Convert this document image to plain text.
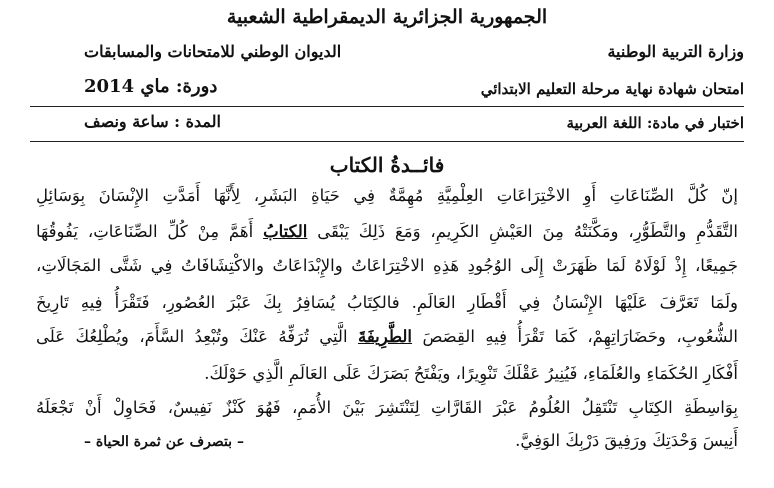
الجمهورية الجزائرية الديمقراطية الشعبية
وزارة التربية الوطنية
الديوان الوطني للامتحانات والمسابقات
امتحان شهادة نهاية مرحلة التعليم الابتدائي
دورة: ماي 2014
اختبار في مادة: اللغة العربية
المدة : ساعة ونصف
فائــدةُ الكتاب
إنّ كُلَّ الصِّنَاعَاتِ أَوِ الاخْتِرَاعَاتِ العِلْمِيَّةِ مُهِمَّةٌ فِي حَيَاةِ البَشَرِ، لِأَنَّهَا أَمَدَّتِ الإِنْسَانَ بِوَسَائِلِ
التَّقَدُّمِ والتَّطَوُّرِ، ومَكَّنَتْهُ مِنَ العَيْشِ الكَرِيمِ، وَمَعَ ذَلِكَ يَبْقَى الكتابُ أَهَمَّ مِنْ كُلِّ الصِّنَاعَاتِ، يَفُوقُهَا
جَمِيعًا، إِذْ لَوْلَاهُ لَمَا ظَهَرَتْ إِلَى الوُجُودِ هَذِهِ الاخْتِرَاعَاتُ والإِبْدَاعَاتُ والاكْتِشَافَاتُ فِي شَتَّى المَجَالَاتِ،
ولَمَا تَعَرَّفَ عَلَيْهَا الإِنْسَانُ فِي أَقْطَارِ العَالَمِ. فالكِتَابُ يُسَافِرُ بِكَ عَبْرَ العُصُورِ، فَتَقْرَأُ فِيهِ تَارِيخَ
الشُّعُوبِ، وحَضَارَاتِهِمْ، كَمَا تَقْرَأُ فِيهِ القِصَصَ الطَّرِيفَةَ الَّتِي تُرَفِّهُ عَنْكَ وتُبْعِدُ السَّأَمَ، ويُطْلِعُكَ عَلَى
أَفْكَارِ الحُكَمَاءِ والعُلَمَاءِ، فَيُنِيرُ عَقْلَكَ تَنْوِيرًا، ويَفْتَحُ بَصَرَكَ عَلَى العَالَمِ الَّذِي حَوْلَكَ.
بِوَاسِطَةِ الكِتَابِ تَنْتَقِلُ العُلُومُ عَبْرَ القَارَّاتِ لِتَنْتَشِرَ بَيْنَ الأُمَمِ، فَهُوَ كَنْزٌ نَفِيسٌ، فَحَاوِلْ أَنْ تَجْعَلَهُ
أَنِيسَ وَحْدَتِكَ ورَفِيقَ دَرْبِكَ الوَفِيَّ.
– بتصرف عن ثمرة الحياة –
